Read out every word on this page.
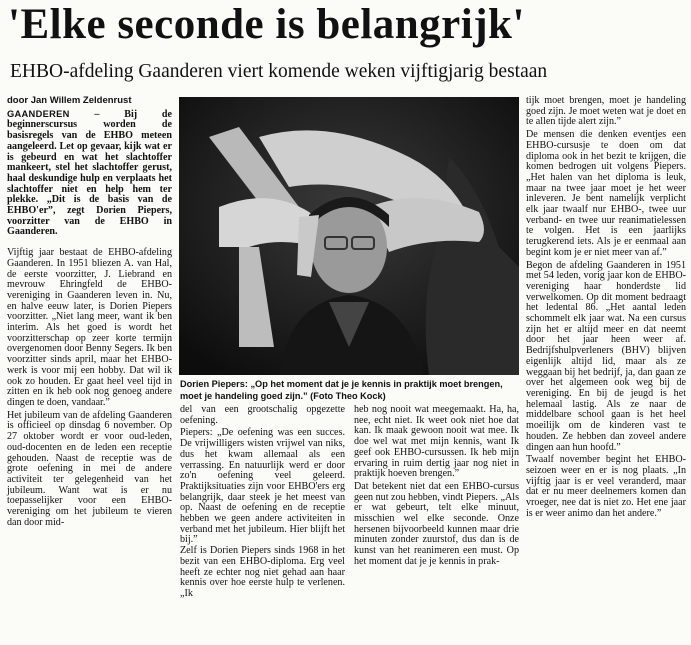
'Elke seconde is belangrijk'
EHBO-afdeling Gaanderen viert komende weken vijftigjarig bestaan

door Jan Willem Zeldenrust

GAANDEREN – Bij de beginnerscursus worden de basisregels van de EHBO meteen aangeleerd. Let op gevaar, kijk wat er is gebeurd en wat het slachtoffer mankeert, stel het slachtoffer gerust, haal deskundige hulp en verplaats het slachtoffer niet en help hem ter plekke. „Dit is de basis van de EHBO'er”, zegt Dorien Piepers, voorzitter van de EHBO in Gaanderen.

Vijftig jaar bestaat de EHBO-afdeling Gaanderen. In 1951 bliezen A. van Hal, de eerste voorzitter, J. Liebrand en mevrouw Ehringfeld de EHBO-vereniging in Gaanderen leven in. Nu, en halve eeuw later, is Dorien Piepers voorzitter. „Niet lang meer, want ik ben interim. Als het goed is wordt het voorzitterschap op zeer korte termijn overgenomen door Benny Segers. Ik ben voorzitter sinds april, maar het EHBO-werk is voor mij een hobby. Dat wil ik ook zo houden. Er gaat heel veel tijd in zitten en ik heb ook nog genoeg andere dingen te doen, vandaar.”

Het jubileum van de afdeling Gaanderen is officieel op dinsdag 6 november. Op 27 oktober wordt er voor oud-leden, oud-docenten en de leden een receptie gehouden. Naast de receptie was de grote oefening in mei de andere activiteit ter gelegenheid van het jubileum. Want wat is er nu toepasselijker voor een EHBO-vereniging om het jubileum te vieren dan door mid-

Dorien Piepers: „Op het moment dat je je kennis in praktijk moet brengen, moet je handeling goed zijn.” (Foto Theo Kock)

del van een grootschalig opgezette oefening.

Piepers: „De oefening was een succes. De vrijwilligers wisten vrijwel van niks, dus het kwam allemaal als een verrassing. En natuurlijk werd er door zo'n oefening veel geleerd. Praktijksituaties zijn voor EHBO'ers erg belangrijk, daar steek je het meest van op. Naast de oefening en de receptie hebben we geen andere activiteiten in verband met het jubileum. Hier blijft het bij.”

Zelf is Dorien Piepers sinds 1968 in het bezit van een EHBO-diploma. Erg veel heeft ze echter nog niet gehad aan haar kennis over hoe eerste hulp te verlenen. „Ik

heb nog nooit wat meegemaakt. Ha, ha, nee, echt niet. Ik weet ook niet hoe dat kan. Ik maak gewoon nooit wat mee. Ik doe wel wat met mijn kennis, want Ik geef ook EHBO-cursussen. Ik heb mijn ervaring in ruim dertig jaar nog niet in praktijk hoeven brengen.”

Dat betekent niet dat een EHBO-cursus geen nut zou hebben, vindt Piepers. „Als er wat gebeurt, telt elke minuut, misschien wel elke seconde. Onze hersenen bijvoorbeeld kunnen maar drie minuten zonder zuurstof, dus dan is de kunst van het reanimeren een must. Op het moment dat je je kennis in prak-

tijk moet brengen, moet je handeling goed zijn. Je moet weten wat je doet en te allen tijde alert zijn.”

De mensen die denken eventjes een EHBO-cursusje te doen om dat diploma ook in het bezit te krijgen, die komen bedrogen uit volgens Piepers. „Het halen van het diploma is leuk, maar na twee jaar moet je het weer inleveren. Je bent namelijk verplicht elk jaar twaalf nur EHBO-, twee uur verband- en twee uur reanimatielessen te volgen. Het is een jaarlijks terugkerend iets. Als je er eenmaal aan begint kom je er niet meer van af.”

Begon de afdeling Gaanderen in 1951 met 54 leden, vorig jaar kon de EHBO-vereniging haar honderdste lid verwelkomen. Op dit moment bedraagt het ledental 86. „Het aantal leden schommelt elk jaar wat. Na een cursus zijn het er altijd meer en dat neemt door het jaar heen weer af. Bedrijfshulpverleners (BHV) blijven eigenlijk altijd lid, maar als ze weggaan bij het bedrijf, ja, dan gaan ze over het algemeen ook weg bij de vereniging. En bij de jeugd is het helemaal lastig. Als ze naar de middelbare school gaan is het heel moeilijk om de kinderen vast te houden. Ze hebben dan zoveel andere dingen aan hun hoofd.”

Twaalf november begint het EHBO-seizoen weer en er is nog plaats. „In vijftig jaar is er veel veranderd, maar dat er nu meer deelnemers komen dan vroeger, nee dat is niet zo. Het ene jaar is er weer animo dan het andere.”
